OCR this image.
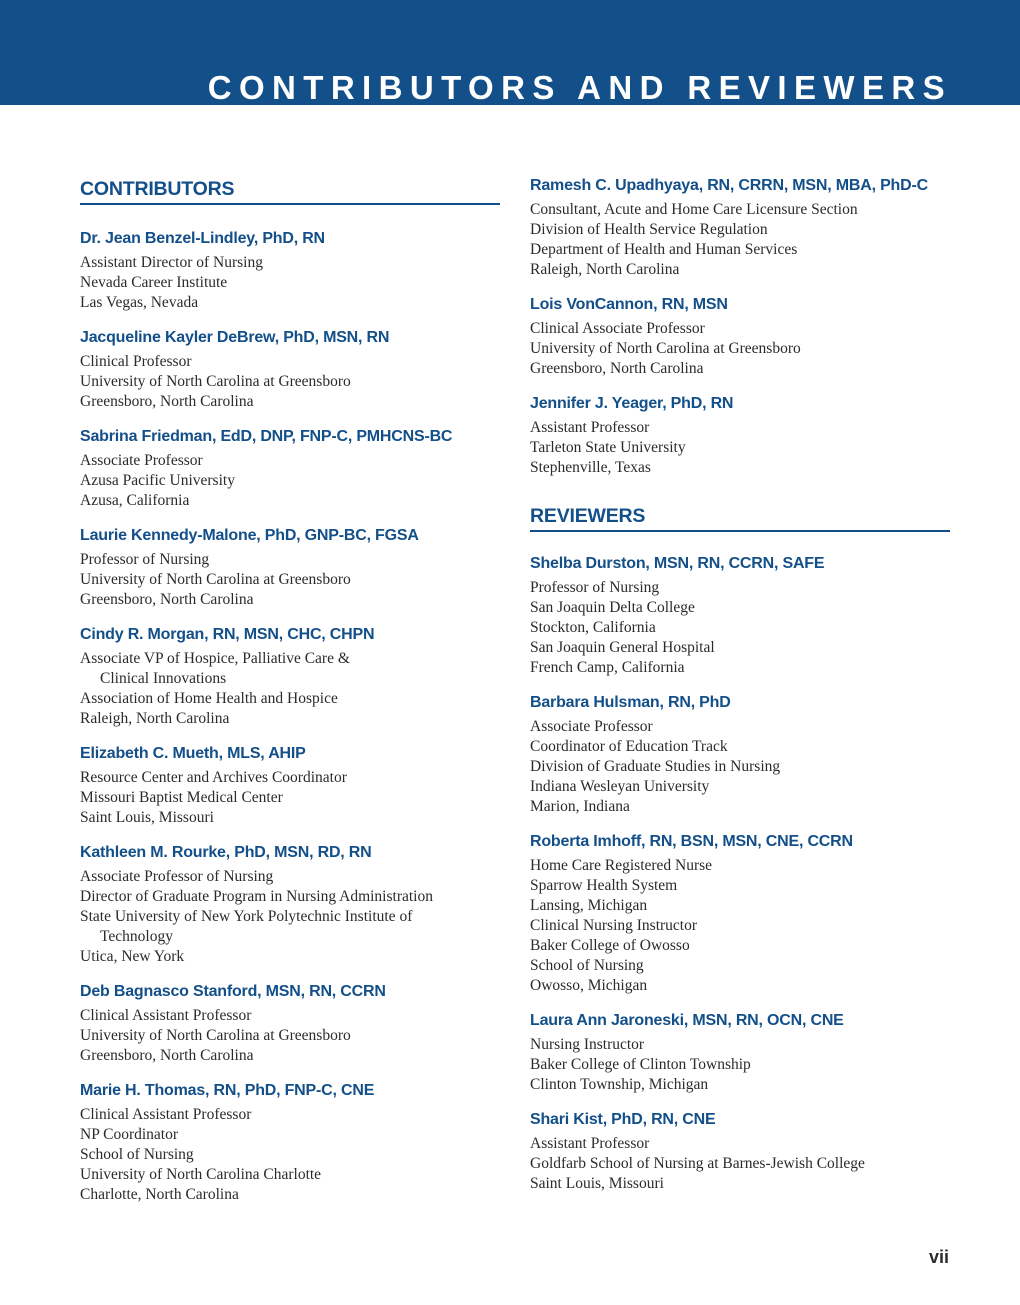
CONTRIBUTORS AND REVIEWERS
CONTRIBUTORS
Dr. Jean Benzel-Lindley, PhD, RN
Assistant Director of Nursing
Nevada Career Institute
Las Vegas, Nevada
Jacqueline Kayler DeBrew, PhD, MSN, RN
Clinical Professor
University of North Carolina at Greensboro
Greensboro, North Carolina
Sabrina Friedman, EdD, DNP, FNP-C, PMHCNS-BC
Associate Professor
Azusa Pacific University
Azusa, California
Laurie Kennedy-Malone, PhD, GNP-BC, FGSA
Professor of Nursing
University of North Carolina at Greensboro
Greensboro, North Carolina
Cindy R. Morgan, RN, MSN, CHC, CHPN
Associate VP of Hospice, Palliative Care &
Clinical Innovations
Association of Home Health and Hospice
Raleigh, North Carolina
Elizabeth C. Mueth, MLS, AHIP
Resource Center and Archives Coordinator
Missouri Baptist Medical Center
Saint Louis, Missouri
Kathleen M. Rourke, PhD, MSN, RD, RN
Associate Professor of Nursing
Director of Graduate Program in Nursing Administration
State University of New York Polytechnic Institute of
Technology
Utica, New York
Deb Bagnasco Stanford, MSN, RN, CCRN
Clinical Assistant Professor
University of North Carolina at Greensboro
Greensboro, North Carolina
Marie H. Thomas, RN, PhD, FNP-C, CNE
Clinical Assistant Professor
NP Coordinator
School of Nursing
University of North Carolina Charlotte
Charlotte, North Carolina
Ramesh C. Upadhyaya, RN, CRRN, MSN, MBA, PhD-C
Consultant, Acute and Home Care Licensure Section
Division of Health Service Regulation
Department of Health and Human Services
Raleigh, North Carolina
Lois VonCannon, RN, MSN
Clinical Associate Professor
University of North Carolina at Greensboro
Greensboro, North Carolina
Jennifer J. Yeager, PhD, RN
Assistant Professor
Tarleton State University
Stephenville, Texas
REVIEWERS
Shelba Durston, MSN, RN, CCRN, SAFE
Professor of Nursing
San Joaquin Delta College
Stockton, California
San Joaquin General Hospital
French Camp, California
Barbara Hulsman, RN, PhD
Associate Professor
Coordinator of Education Track
Division of Graduate Studies in Nursing
Indiana Wesleyan University
Marion, Indiana
Roberta Imhoff, RN, BSN, MSN, CNE, CCRN
Home Care Registered Nurse
Sparrow Health System
Lansing, Michigan
Clinical Nursing Instructor
Baker College of Owosso
School of Nursing
Owosso, Michigan
Laura Ann Jaroneski, MSN, RN, OCN, CNE
Nursing Instructor
Baker College of Clinton Township
Clinton Township, Michigan
Shari Kist, PhD, RN, CNE
Assistant Professor
Goldfarb School of Nursing at Barnes-Jewish College
Saint Louis, Missouri
vii
